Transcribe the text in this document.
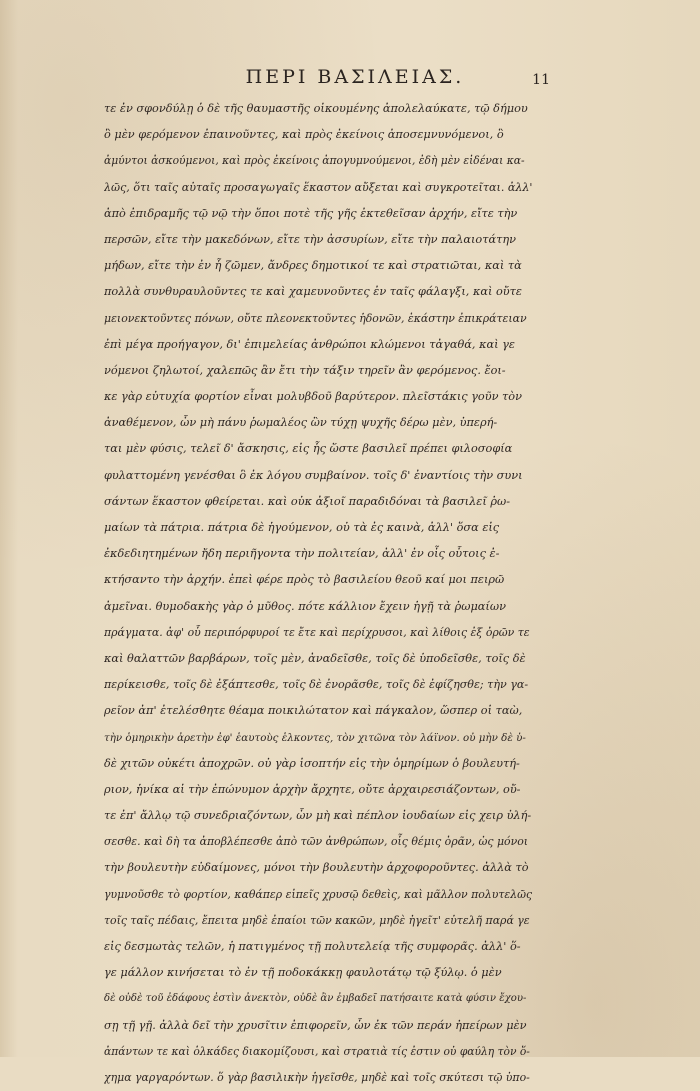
ΠΕΡΙ ΒΑΣΙΛΕΙΑΣ.	11
τε ἐν σφονδύλῃ ὁ δὲ τῆς θαυμαστῆς οἰκουμένης ἀπολελαύκατε, τῷ δήμου
ὃ μὲν φερόμενον ἐπαινοῦντες, καὶ πρὸς ἐκείνοις ἀποσεμνυνόμενοι, ὃ
ἀμύντοι ἀσκούμενοι, καὶ πρὸς ἐκείνοις ἀπογυμνούμενοι, ἐδὴ μὲν εἰδέναι κα-
λῶς, ὅτι ταῖς αὐταῖς προσαγωγαῖς ἕκαστον αὔξεται καὶ συγκροτεῖται. ἀλλ'
ἀπὸ ἐπιδραμῆς τῷ νῷ τὴν ὅποι ποτὲ τῆς γῆς ἐκτεθεῖσαν ἀρχήν, εἴτε τὴν
περσῶν, εἴτε τὴν μακεδόνων, εἴτε τὴν ἀσσυρίων, εἴτε τὴν παλαιοτάτην
μήδων, εἴτε τὴν ἐν ἧ ζῶμεν, ἄνδρες δημοτικοί τε καὶ στρατιῶται, καὶ τὰ
πολλὰ συνθυραυλοῦντες τε καὶ χαμευνοῦντες ἐν ταῖς φάλαγξι, καὶ οὔτε
μειονεκτοῦντες πόνων, οὔτε πλεονεκτοῦντες ἡδονῶν, ἑκάστην ἐπικράτειαν
ἐπὶ μέγα προήγαγον, δι' ἐπιμελείας ἀνθρώποι κλώμενοι τἀγαθά, καὶ γε
νόμενοι ζηλωτοί, χαλεπῶς ἂν ἔτι τὴν τάξιν τηρεῖν ἂν φερόμενος. ἔοι-
κε γὰρ εὐτυχία φορτίον εἶναι μολυβδοῦ βαρύτερον. πλεῖστάκις γοῦν τὸν
ἀναθέμενον, ὧν μὴ πάνυ ῥωμαλέος ὢν τύχῃ ψυχῆς δέρω μὲν, ὑπερή-
ται μὲν φύσις, τελεῖ δ' ἄσκησις, εἰς ἧς ὥστε βασιλεῖ πρέπει φιλοσοφία
φυλαττομένη γενέσθαι ὃ ἐκ λόγου συμβαίνον. τοῖς δ' ἐναντίοις τὴν συνι
σάντων ἕκαστον φθείρεται. καὶ οὐκ ἀξιοῖ παραδιδόναι τὰ βασιλεῖ ῥω-
μαίων τὰ πάτρια. πάτρια δὲ ἡγούμενον, οὐ τὰ ἐς καινὰ, ἀλλ' ὅσα εἰς
ἐκδεδιητημένων ἤδη περιῆγοντα τὴν πολιτείαν, ἀλλ' ἐν οἷς οὗτοις ἐ-
κτήσαντο τὴν ἀρχήν. ἐπεὶ φέρε πρὸς τὸ βασιλείου θεοῦ καί μοι πειρῶ
ἀμεῖναι. θυμοδακὴς γὰρ ὁ μῦθος. πότε κάλλιον ἔχειν ἡγῇ τὰ ῥωμαίων
πράγματα. ἀφ' οὗ περιπόρφυροί τε ἔτε καὶ περίχρυσοι, καὶ λίθοις ἐξ ὀρῶν τε
καὶ θαλαττῶν βαρβάρων, τοῖς μὲν, ἀναδεῖσθε, τοῖς δὲ ὑποδεῖσθε, τοῖς δὲ
περίκεισθε, τοῖς δὲ ἐξάπτεσθε, τοῖς δὲ ἐνορᾶσθε, τοῖς δὲ ἐφίζησθε; τὴν γα-
ρεῖον ἀπ' ἐτελέσθητε θέαμα ποικιλώτατον καὶ πάγκαλον, ὥσπερ οἱ ταὼ,
τὴν ὁμηρικὴν ἀρετὴν ἐφ' ἑαυτοὺς ἑλκοντες, τὸν χιτῶνα τὸν λάϊνον. οὐ μὴν δὲ ὑ-
δὲ χιτῶν οὐκέτι ἀποχρῶν. οὐ γὰρ ἰσοπτήν εἰς τὴν ὁμηρίμων ὁ βουλευτή-
ριον, ἡνίκα αἱ τὴν ἐπώνυμον ἀρχὴν ἄρχητε, οὔτε ἀρχαιρεσιάζοντων, οὔ-
τε ἐπ' ἄλλῳ τῷ συνεδριαζόντων, ὧν μὴ καὶ πέπλον ἰουδαίων εἰς χειρ ὑλή-
σεσθε. καὶ δὴ τα ἀποβλέπεσθε ἀπὸ τῶν ἀνθρώπων, οἷς θέμις ὁρᾶν, ὡς μόνοι
τὴν βουλευτὴν εὐδαίμονες, μόνοι τὴν βουλευτὴν ἀρχοφοροῦντες. ἀλλὰ τὸ
γυμνοῦσθε τὸ φορτίον, καθάπερ εἰπεῖς χρυσῷ δεθεὶς, καὶ μᾶλλον πολυτελῶς
τοῖς ταῖς πέδαις, ἔπειτα μηδὲ ἐπαίοι τῶν κακῶν, μηδὲ ἡγεῖτ' εὐτελῆ παρά γε
εἰς δεσμωτὰς τελῶν, ἡ πατιγμένος τῇ πολυτελείᾳ τῆς συμφορᾶς. ἀλλ' ὅ-
γε μάλλον κινήσεται τὸ ἐν τῇ ποδοκάκκῃ φαυλοτάτῳ τῷ ξύλῳ. ὁ μὲν
δὲ οὐδὲ τοῦ ἐδάφους ἐστὶν ἀνεκτὸν, οὐδὲ ἂν ἐμβαδεῖ πατήσαιτε κατὰ φύσιν ἔχου-
σῃ τῇ γῇ. ἀλλὰ δεῖ τὴν χρυσῖτιν ἐπιφορεῖν, ὧν ἐκ τῶν περάν ἠπείρων μὲν
ἀπάντων τε καὶ ὁλκάδες διακομίζουσι, καὶ στρατιὰ τίς ἐστιν οὐ φαύλη τὸν ὅ-
χημα γαργαρόντων. ὅ γὰρ βασιλικὴν ἡγεῖσθε, μηδὲ καὶ τοῖς σκύτεσι τῷ ὑπο-
